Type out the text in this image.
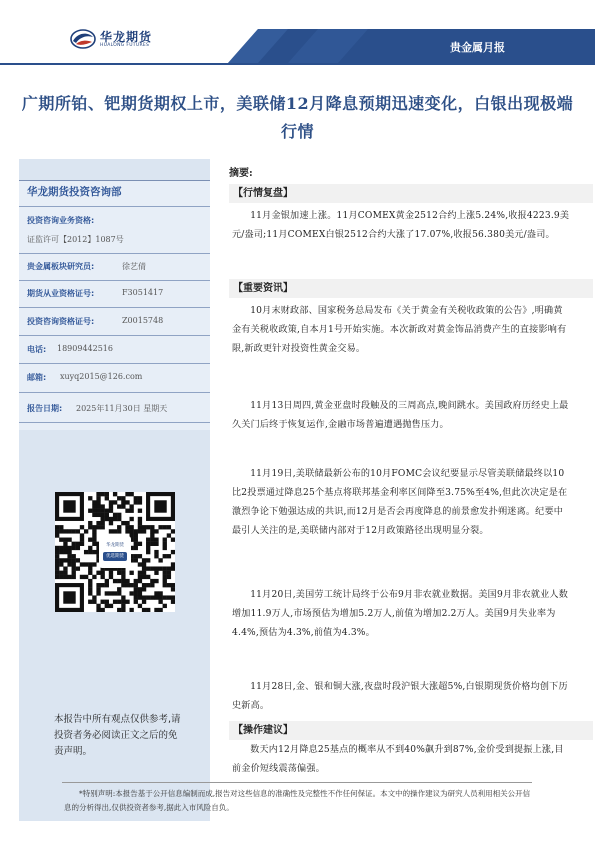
华龙期货
HUALONG FUTURES	贵金属月报
广期所铂、钯期货期权上市，美联储12月降息预期迅速变化，白银出现极端行情
华龙期货投资咨询部
投资咨询业务资格:
证监许可【2012】1087号
贵金属板块研究员:	徐艺倩
期货从业资格证号:	F3051417
投资咨询资格证号:	Z0015748
电话: 18909442516
邮箱: xuyq2015@126.com
报告日期: 2025年11月30日 星期天
华龙期货
优选期货
本报告中所有观点仅供参考,请投资者务必阅读正文之后的免责声明。
摘要:
【行情复盘】
11月金银加速上涨。11月COMEX黄金2512合约上涨5.24%,收报4223.9美元/盎司;11月COMEX白银2512合约大涨了17.07%,收报56.380美元/盎司。
【重要资讯】
10月末财政部、国家税务总局发布《关于黄金有关税收政策的公告》,明确黄金有关税收政策,自本月1号开始实施。本次新政对黄金饰品消费产生的直接影响有限,新政更针对投资性黄金交易。
11月13日周四,黄金亚盘时段触及的三周高点,晚间跳水。美国政府历经史上最久关门后终于恢复运作,金融市场普遍遭遇抛售压力。
11月19日,美联储最新公布的10月FOMC会议纪要显示尽管美联储最终以10比2投票通过降息25个基点将联邦基金利率区间降至3.75%至4%,但此次决定是在激烈争论下勉强达成的共识,而12月是否会再度降息的前景愈发扑朔迷离。纪要中最引人关注的是,美联储内部对于12月政策路径出现明显分裂。
11月20日,美国劳工统计局终于公布9月非农就业数据。美国9月非农就业人数增加11.9万人,市场预估为增加5.2万人,前值为增加2.2万人。美国9月失业率为4.4%,预估为4.3%,前值为4.3%。
11月28日,金、银和铜大涨,夜盘时段沪银大涨超5%,白银期现货价格均创下历史新高。
【操作建议】
数天内12月降息25基点的概率从不到40%飙升到87%,金价受到提振上涨,目前金价短线震荡偏强。
*特别声明:本报告基于公开信息编制而成,报告对这些信息的准确性及完整性不作任何保证。本文中的操作建议为研究人员利用相关公开信息的分析得出,仅供投资者参考,据此入市风险自负。
